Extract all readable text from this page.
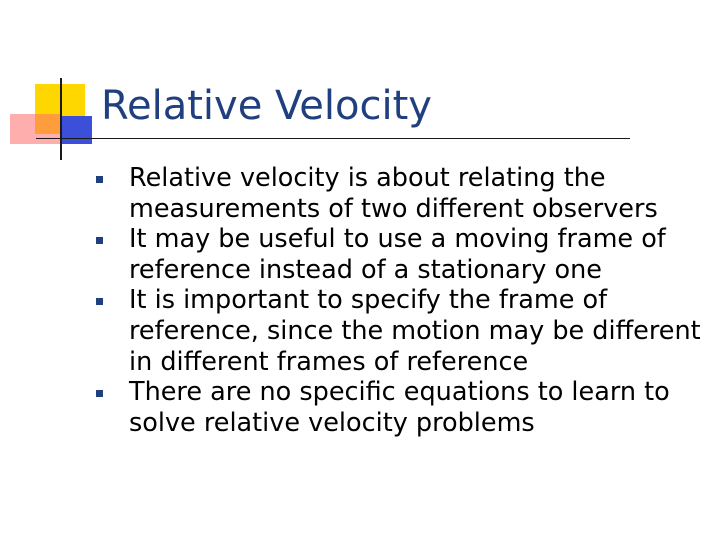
Relative Velocity
Relative velocity is about relating the measurements of two different observers
It may be useful to use a moving frame of reference instead of a stationary one
It is important to specify the frame of reference, since the motion may be different in different frames of reference
There are no specific equations to learn to solve relative velocity problems
